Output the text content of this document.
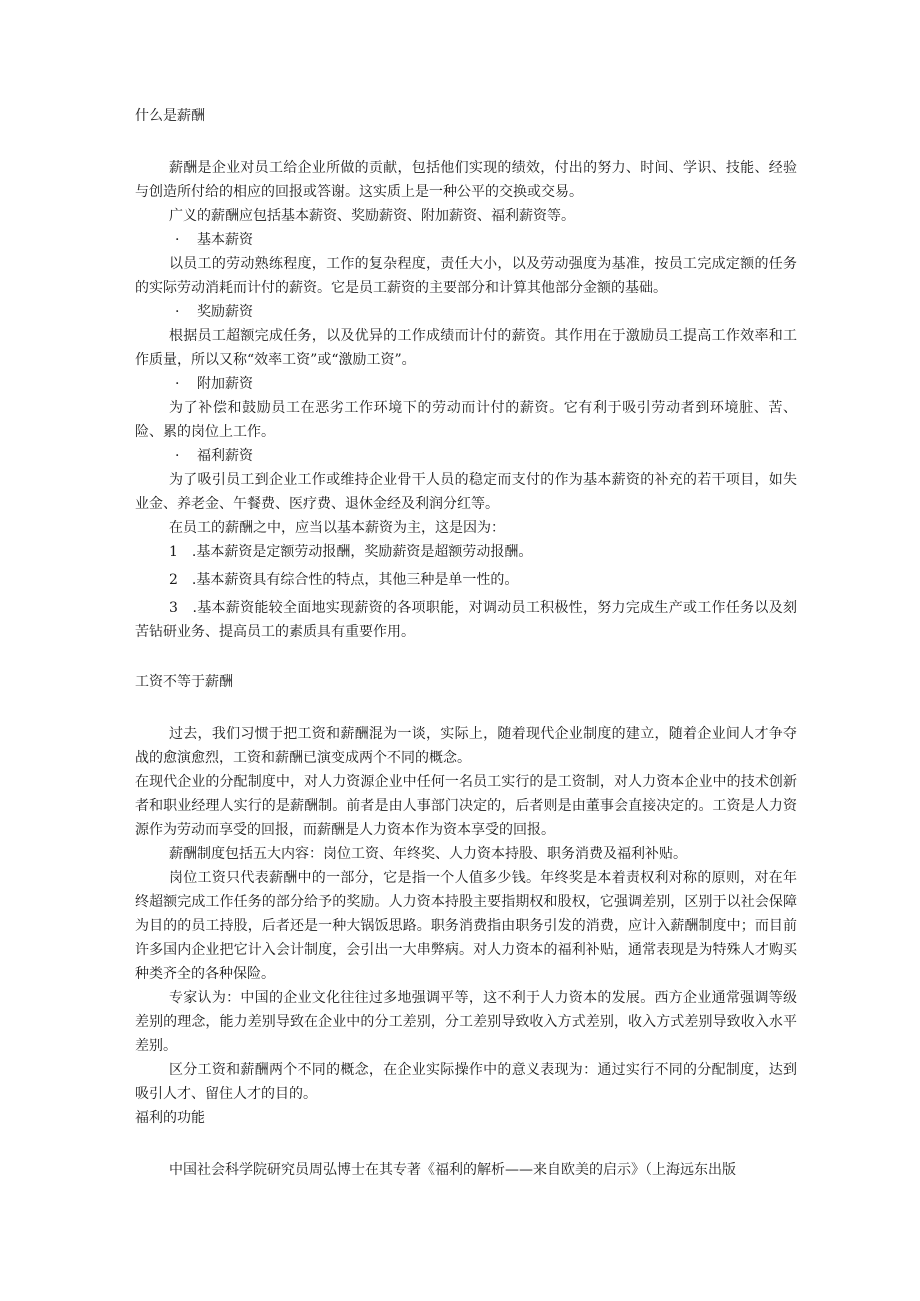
什么是薪酬

薪酬是企业对员工给企业所做的贡献，包括他们实现的绩效，付出的努力、时间、学识、技能、经验与创造所付给的相应的回报或答谢。这实质上是一种公平的交换或交易。

广义的薪酬应包括基本薪资、奖励薪资、附加薪资、福利薪资等。

· 基本薪资

以员工的劳动熟练程度，工作的复杂程度，责任大小，以及劳动强度为基准，按员工完成定额的任务的实际劳动消耗而计付的薪资。它是员工薪资的主要部分和计算其他部分金额的基础。

· 奖励薪资

根据员工超额完成任务，以及优异的工作成绩而计付的薪资。其作用在于激励员工提高工作效率和工作质量，所以又称“效率工资”或“激励工资”。

· 附加薪资

为了补偿和鼓励员工在恶劣工作环境下的劳动而计付的薪资。它有利于吸引劳动者到环境脏、苦、险、累的岗位上工作。

· 福利薪资

为了吸引员工到企业工作或维持企业骨干人员的稳定而支付的作为基本薪资的补充的若干项目，如失业金、养老金、午餐费、医疗费、退休金经及利润分红等。

在员工的薪酬之中，应当以基本薪资为主，这是因为：

1　.基本薪资是定额劳动报酬，奖励薪资是超额劳动报酬。

2　.基本薪资具有综合性的特点，其他三种是单一性的。

3　.基本薪资能较全面地实现薪资的各项职能，对调动员工积极性，努力完成生产或工作任务以及刻苦钻研业务、提高员工的素质具有重要作用。

工资不等于薪酬

过去，我们习惯于把工资和薪酬混为一谈，实际上，随着现代企业制度的建立，随着企业间人才争夺战的愈演愈烈，工资和薪酬已演变成两个不同的概念。

在现代企业的分配制度中，对人力资源企业中任何一名员工实行的是工资制，对人力资本企业中的技术创新者和职业经理人实行的是薪酬制。前者是由人事部门决定的，后者则是由董事会直接决定的。工资是人力资源作为劳动而享受的回报，而薪酬是人力资本作为资本享受的回报。

薪酬制度包括五大内容：岗位工资、年终奖、人力资本持股、职务消费及福利补贴。

岗位工资只代表薪酬中的一部分，它是指一个人值多少钱。年终奖是本着责权利对称的原则，对在年终超额完成工作任务的部分给予的奖励。人力资本持股主要指期权和股权，它强调差别，区别于以社会保障为目的的员工持股，后者还是一种大锅饭思路。职务消费指由职务引发的消费，应计入薪酬制度中；而目前许多国内企业把它计入会计制度，会引出一大串弊病。对人力资本的福利补贴，通常表现是为特殊人才购买种类齐全的各种保险。

专家认为：中国的企业文化往往过多地强调平等，这不利于人力资本的发展。西方企业通常强调等级差别的理念，能力差别导致在企业中的分工差别，分工差别导致收入方式差别，收入方式差别导致收入水平差别。

区分工资和薪酬两个不同的概念，在企业实际操作中的意义表现为：通过实行不同的分配制度，达到吸引人才、留住人才的目的。

福利的功能

中国社会科学院研究员周弘博士在其专著《福利的解析——来自欧美的启示》（上海远东出版
